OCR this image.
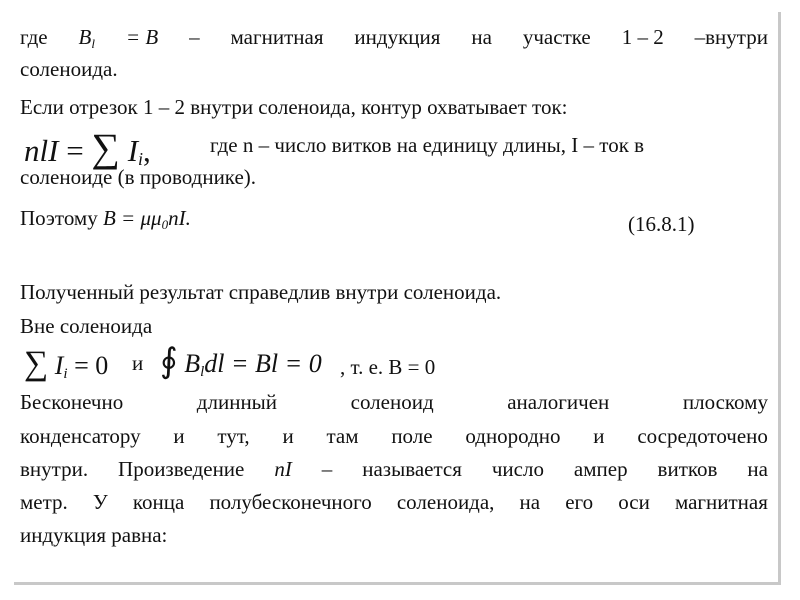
где $B_l = B$ – магнитная индукция на участке 1 – 2 –внутри
соленоида.
Если отрезок 1 – 2 внутри соленоида, контур охватывает ток:
nlI = ∑ $I_i$,	где n – число витков на единицу длины, I – ток в
соленоиде (в проводнике).
Поэтому $B = \mu\mu_0nI$.	(16.8.1)
Полученный результат справедлив внутри соленоида.
Вне соленоида
∑ $I_i = 0$ и ∮ $B_ldl = Bl = 0$ , т. е. B = 0
Бесконечно	длинный	соленоид	аналогичен	плоскому
конденсатору и тут, и там поле однородно и сосредоточено
внутри. Произведение nI – называется число ампер витков на
метр. У конца полубесконечного соленоида, на его оси магнитная
индукция равна:
